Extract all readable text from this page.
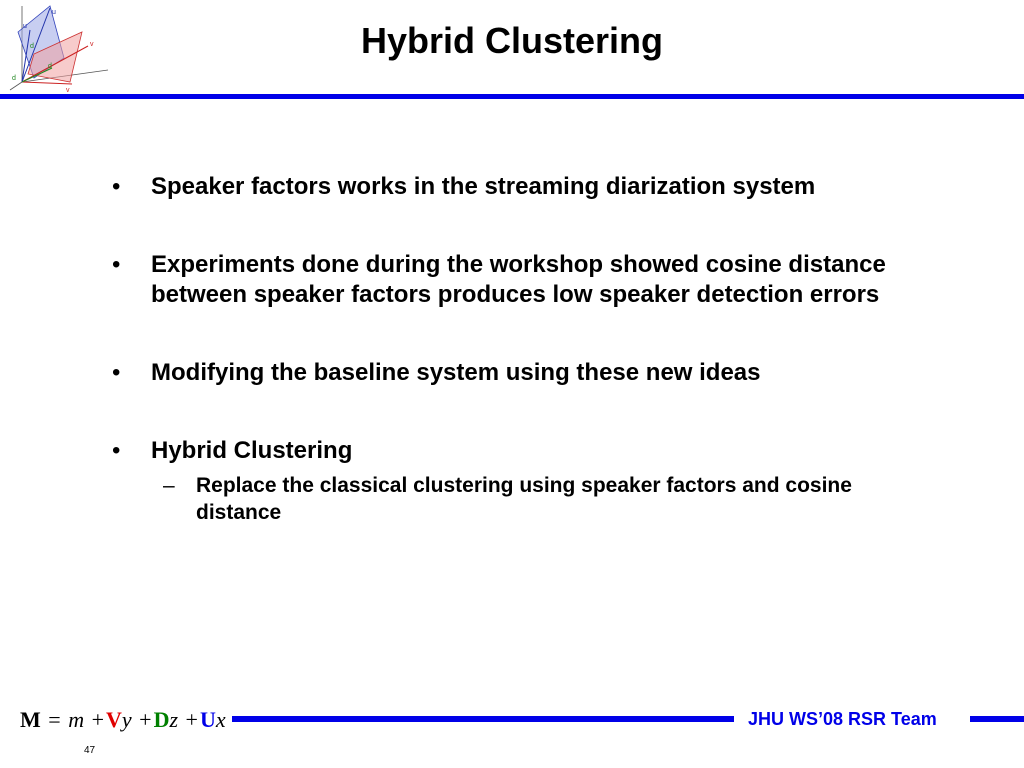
u
u
v
v
d
d
d
Hybrid Clustering
• Speaker factors works in the streaming diarization system
• Experiments done during the workshop showed cosine distance between speaker factors produces low speaker detection errors
• Modifying the baseline system using these new ideas
• Hybrid Clustering
– Replace the classical clustering using speaker factors and cosine distance
M = m +Vy +Dz +Ux	JHU WS’08 RSR Team
47
